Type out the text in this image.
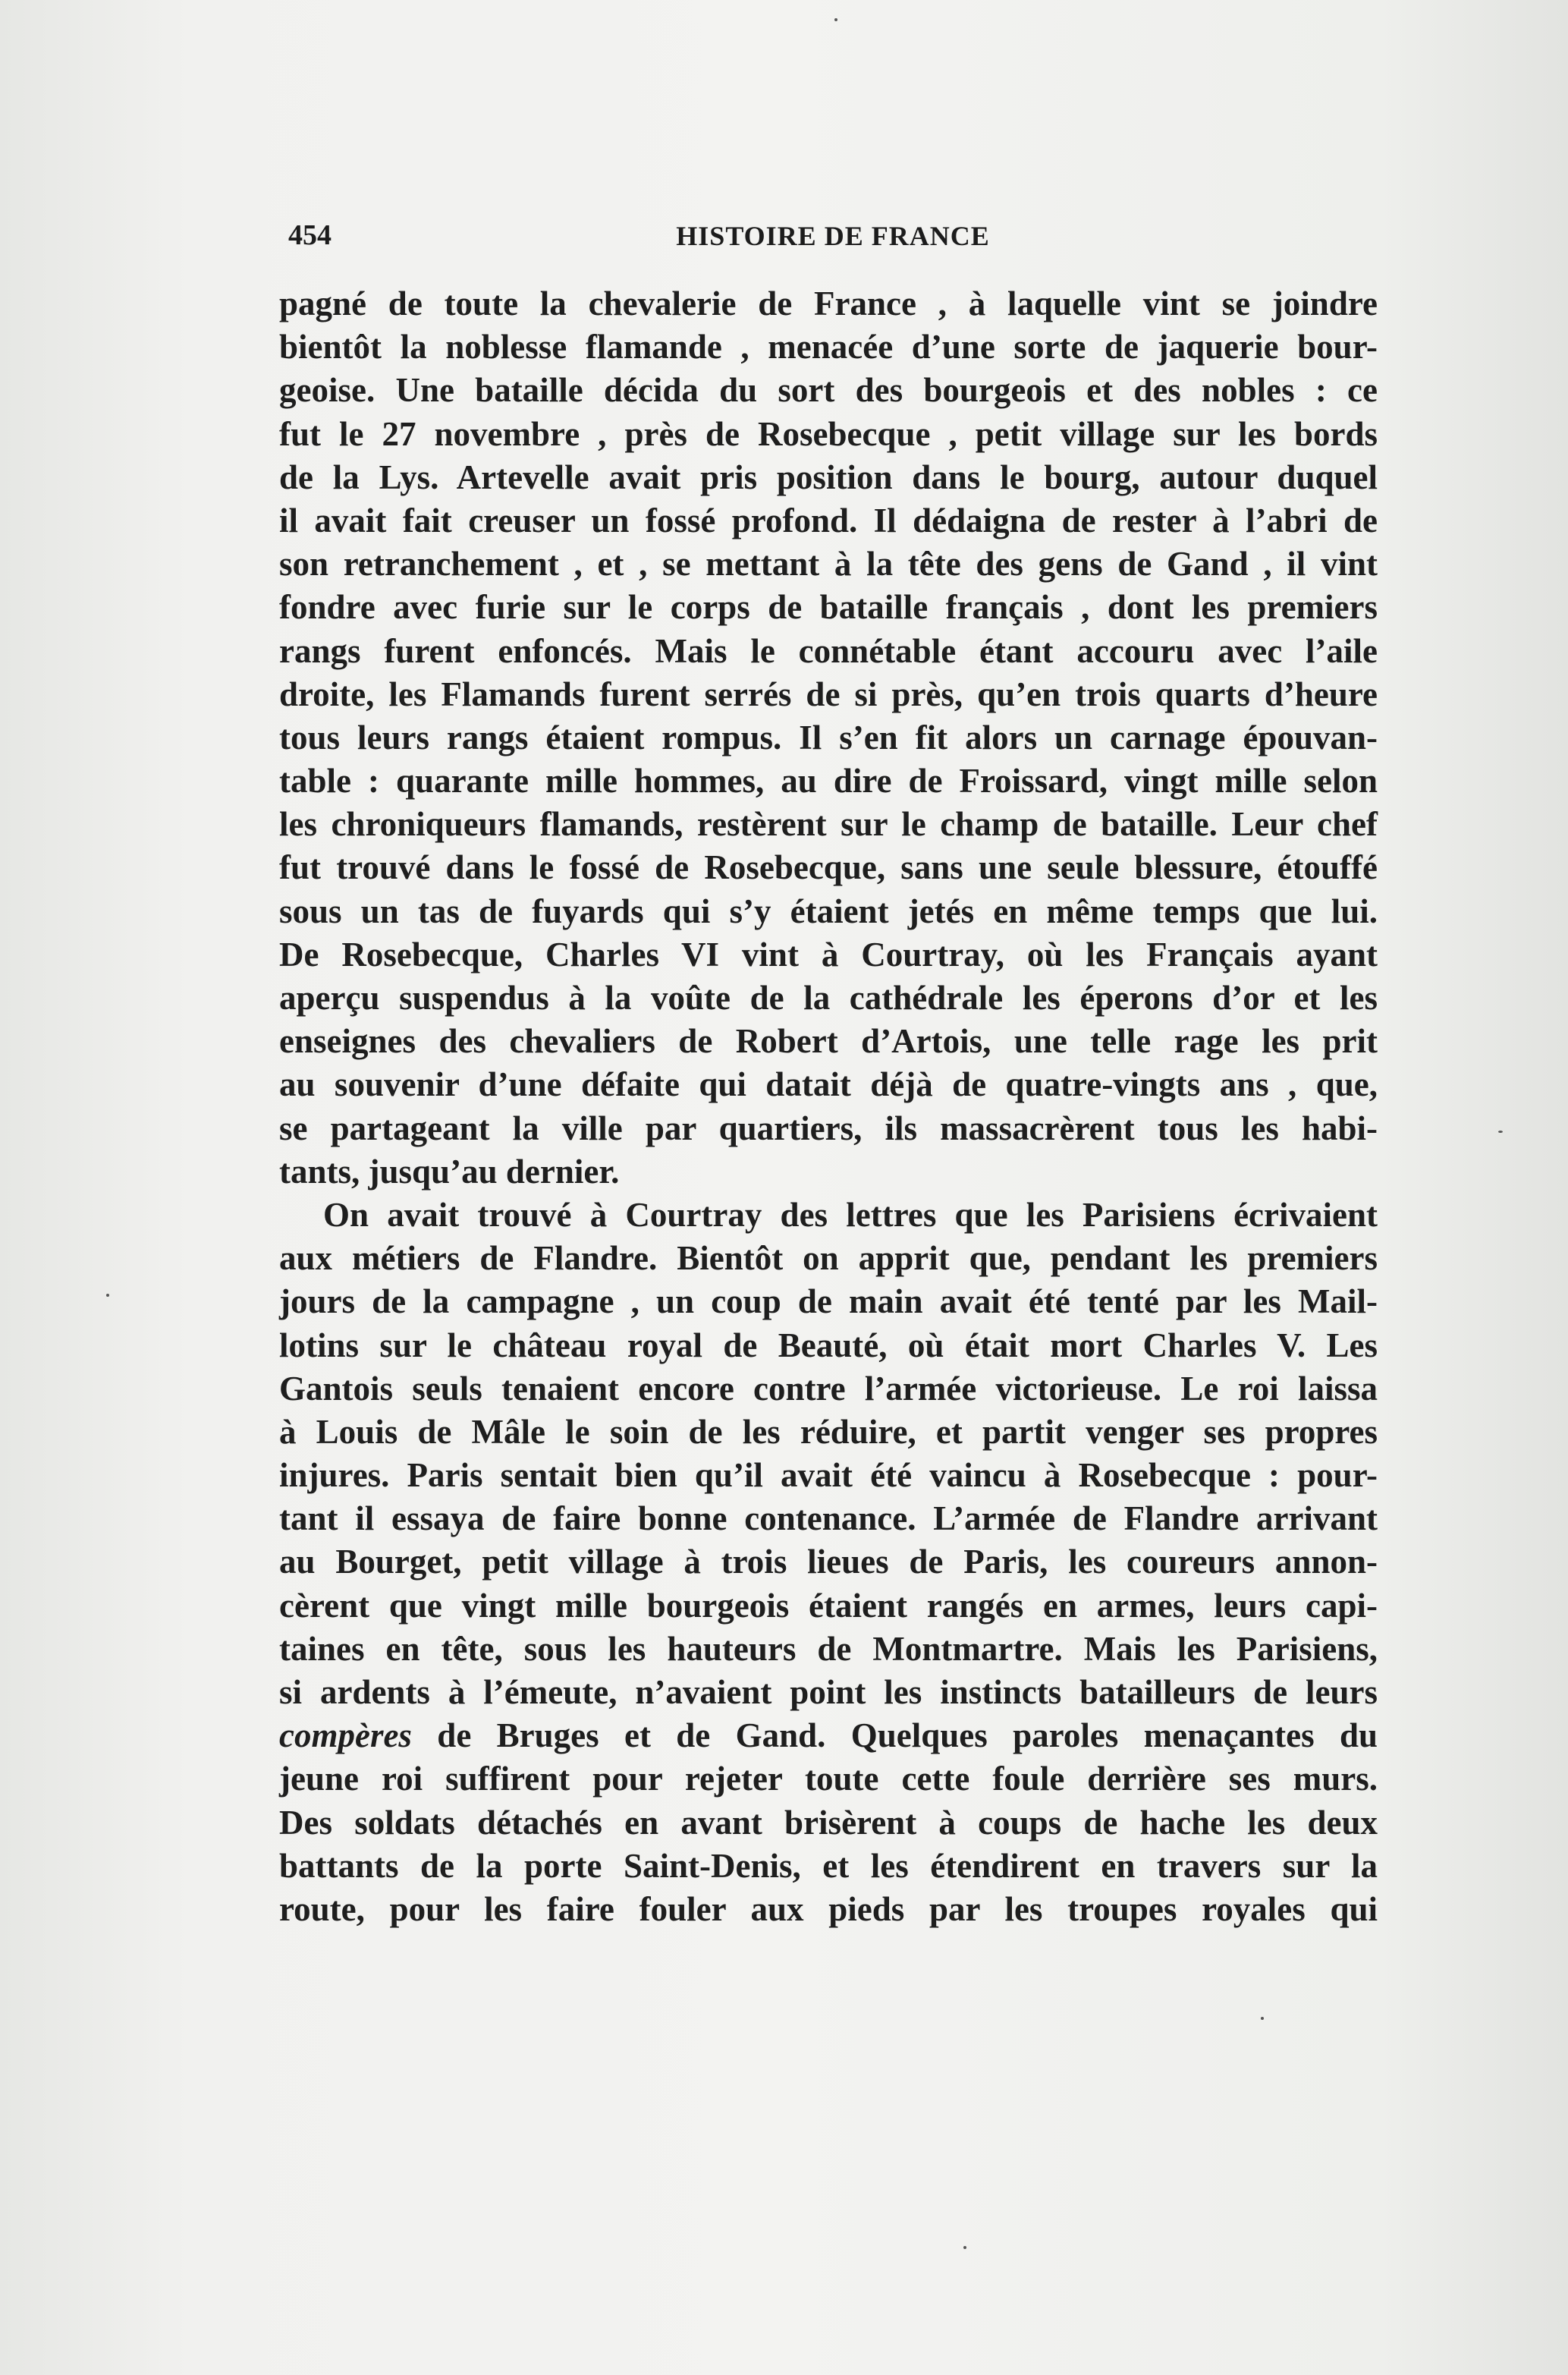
454	HISTOIRE DE FRANCE
pagné de toute la chevalerie de France , à laquelle vint se joindre
bientôt la noblesse flamande , menacée d’une sorte de jaquerie bour-
geoise. Une bataille décida du sort des bourgeois et des nobles : ce
fut le 27 novembre , près de Rosebecque , petit village sur les bords
de la Lys. Artevelle avait pris position dans le bourg, autour duquel
il avait fait creuser un fossé profond. Il dédaigna de rester à l’abri de
son retranchement , et , se mettant à la tête des gens de Gand , il vint
fondre avec furie sur le corps de bataille français , dont les premiers
rangs furent enfoncés. Mais le connétable étant accouru avec l’aile
droite, les Flamands furent serrés de si près, qu’en trois quarts d’heure
tous leurs rangs étaient rompus. Il s’en fit alors un carnage épouvan-
table : quarante mille hommes, au dire de Froissard, vingt mille selon
les chroniqueurs flamands, restèrent sur le champ de bataille. Leur chef
fut trouvé dans le fossé de Rosebecque, sans une seule blessure, étouffé
sous un tas de fuyards qui s’y étaient jetés en même temps que lui.
De Rosebecque, Charles VI vint à Courtray, où les Français ayant
aperçu suspendus à la voûte de la cathédrale les éperons d’or et les
enseignes des chevaliers de Robert d’Artois, une telle rage les prit
au souvenir d’une défaite qui datait déjà de quatre-vingts ans , que,
se partageant la ville par quartiers, ils massacrèrent tous les habi-
tants, jusqu’au dernier.
On avait trouvé à Courtray des lettres que les Parisiens écrivaient
aux métiers de Flandre. Bientôt on apprit que, pendant les premiers
jours de la campagne , un coup de main avait été tenté par les Mail-
lotins sur le château royal de Beauté, où était mort Charles V. Les
Gantois seuls tenaient encore contre l’armée victorieuse. Le roi laissa
à Louis de Mâle le soin de les réduire, et partit venger ses propres
injures. Paris sentait bien qu’il avait été vaincu à Rosebecque : pour-
tant il essaya de faire bonne contenance. L’armée de Flandre arrivant
au Bourget, petit village à trois lieues de Paris, les coureurs annon-
cèrent que vingt mille bourgeois étaient rangés en armes, leurs capi-
taines en tête, sous les hauteurs de Montmartre. Mais les Parisiens,
si ardents à l’émeute, n’avaient point les instincts batailleurs de leurs
compères de Bruges et de Gand. Quelques paroles menaçantes du
jeune roi suffirent pour rejeter toute cette foule derrière ses murs.
Des soldats détachés en avant brisèrent à coups de hache les deux
battants de la porte Saint-Denis, et les étendirent en travers sur la
route, pour les faire fouler aux pieds par les troupes royales qui
